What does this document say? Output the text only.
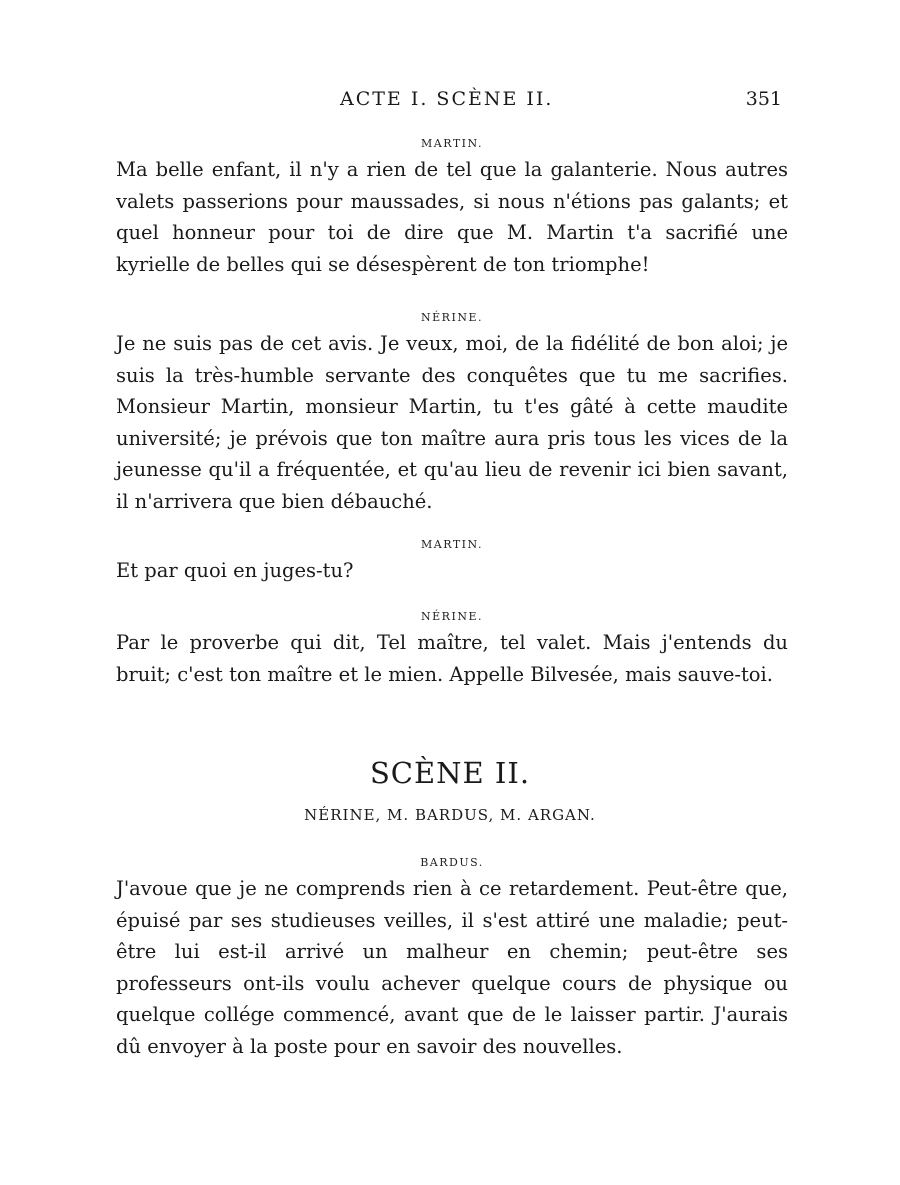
ACTE I. SCÈNE II.	351
MARTIN.
Ma belle enfant, il n'y a rien de tel que la galanterie. Nous autres valets passerions pour maussades, si nous n'étions pas galants; et quel honneur pour toi de dire que M. Martin t'a sacrifié une kyrielle de belles qui se désespèrent de ton triomphe!
NÉRINE.
Je ne suis pas de cet avis. Je veux, moi, de la fidélité de bon aloi; je suis la très-humble servante des conquêtes que tu me sacrifies. Monsieur Martin, monsieur Martin, tu t'es gâté à cette maudite université; je prévois que ton maître aura pris tous les vices de la jeunesse qu'il a fréquentée, et qu'au lieu de revenir ici bien savant, il n'arrivera que bien débauché.
MARTIN.
Et par quoi en juges-tu?
NÉRINE.
Par le proverbe qui dit, Tel maître, tel valet. Mais j'entends du bruit; c'est ton maître et le mien. Appelle Bilvesée, mais sauve-toi.
SCÈNE II.
NÉRINE, M. BARDUS, M. ARGAN.
BARDUS.
J'avoue que je ne comprends rien à ce retardement. Peut-être que, épuisé par ses studieuses veilles, il s'est attiré une maladie; peut-être lui est-il arrivé un malheur en chemin; peut-être ses professeurs ont-ils voulu achever quelque cours de physique ou quelque collége commencé, avant que de le laisser partir. J'aurais dû envoyer à la poste pour en savoir des nouvelles.
